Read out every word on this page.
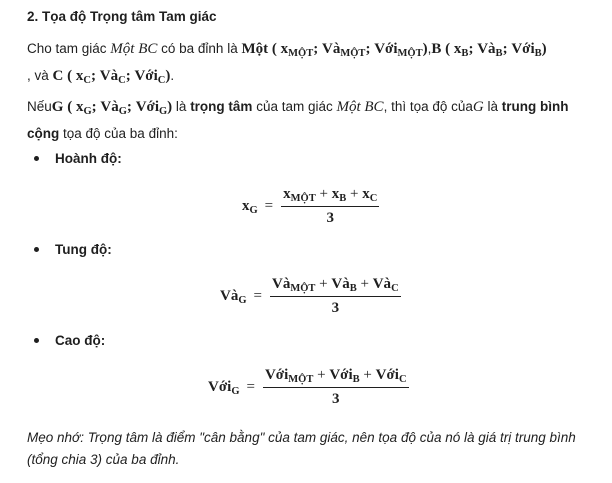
2. Tọa độ Trọng tâm Tam giác
Cho tam giác Một BC có ba đỉnh là Một ( $x_{MỘT}$; $Và_{MỘT}$; Với$_{MỘT}$),B ( $x_B$; $Và_B$; Với$_B$)
, và C ( $x_C$; $Và_C$; Với$_C$).
NếuG ( $x_G$; $Và_G$; Với$_G$) là trọng tâm của tam giác Một BC, thì tọa độ củaG là trung bình cộng tọa độ của ba đỉnh:
Hoành độ:
$x_G = \frac{x_{MỘT} + x_B + x_C}{3}$
Tung độ:
$Và_G = \frac{Và_{MỘT} + Và_B + Và_C}{3}$
Cao độ:
Với$_G$ = $\frac{Với_{MỘT} + Với_B + Với_C}{3}$
Mẹo nhớ: Trọng tâm là điểm "cân bằng" của tam giác, nên tọa độ của nó là giá trị trung bình (tổng chia 3) của ba đỉnh.
